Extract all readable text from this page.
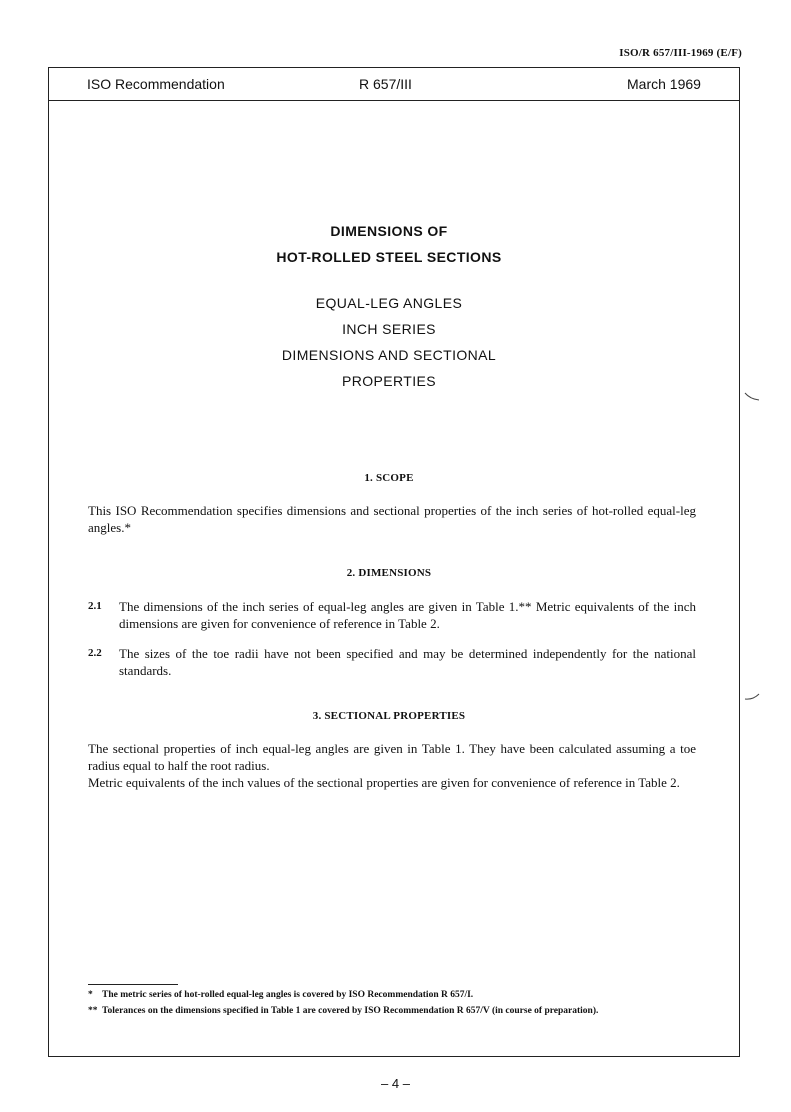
ISO/R 657/III-1969 (E/F)
ISO Recommendation	R 657/III	March 1969
DIMENSIONS OF
HOT-ROLLED STEEL SECTIONS
EQUAL-LEG ANGLES
INCH SERIES
DIMENSIONS AND SECTIONAL
PROPERTIES
1. SCOPE
This ISO Recommendation specifies dimensions and sectional properties of the inch series of hot-rolled equal-leg angles.*
2. DIMENSIONS
2.1 The dimensions of the inch series of equal-leg angles are given in Table 1.** Metric equivalents of the inch dimensions are given for convenience of reference in Table 2.
2.2 The sizes of the toe radii have not been specified and may be determined independently for the national standards.
3. SECTIONAL PROPERTIES
The sectional properties of inch equal-leg angles are given in Table 1. They have been calculated assuming a toe radius equal to half the root radius.
Metric equivalents of the inch values of the sectional properties are given for convenience of reference in Table 2.
* The metric series of hot-rolled equal-leg angles is covered by ISO Recommendation R 657/I.
** Tolerances on the dimensions specified in Table 1 are covered by ISO Recommendation R 657/V (in course of preparation).
– 4 –
